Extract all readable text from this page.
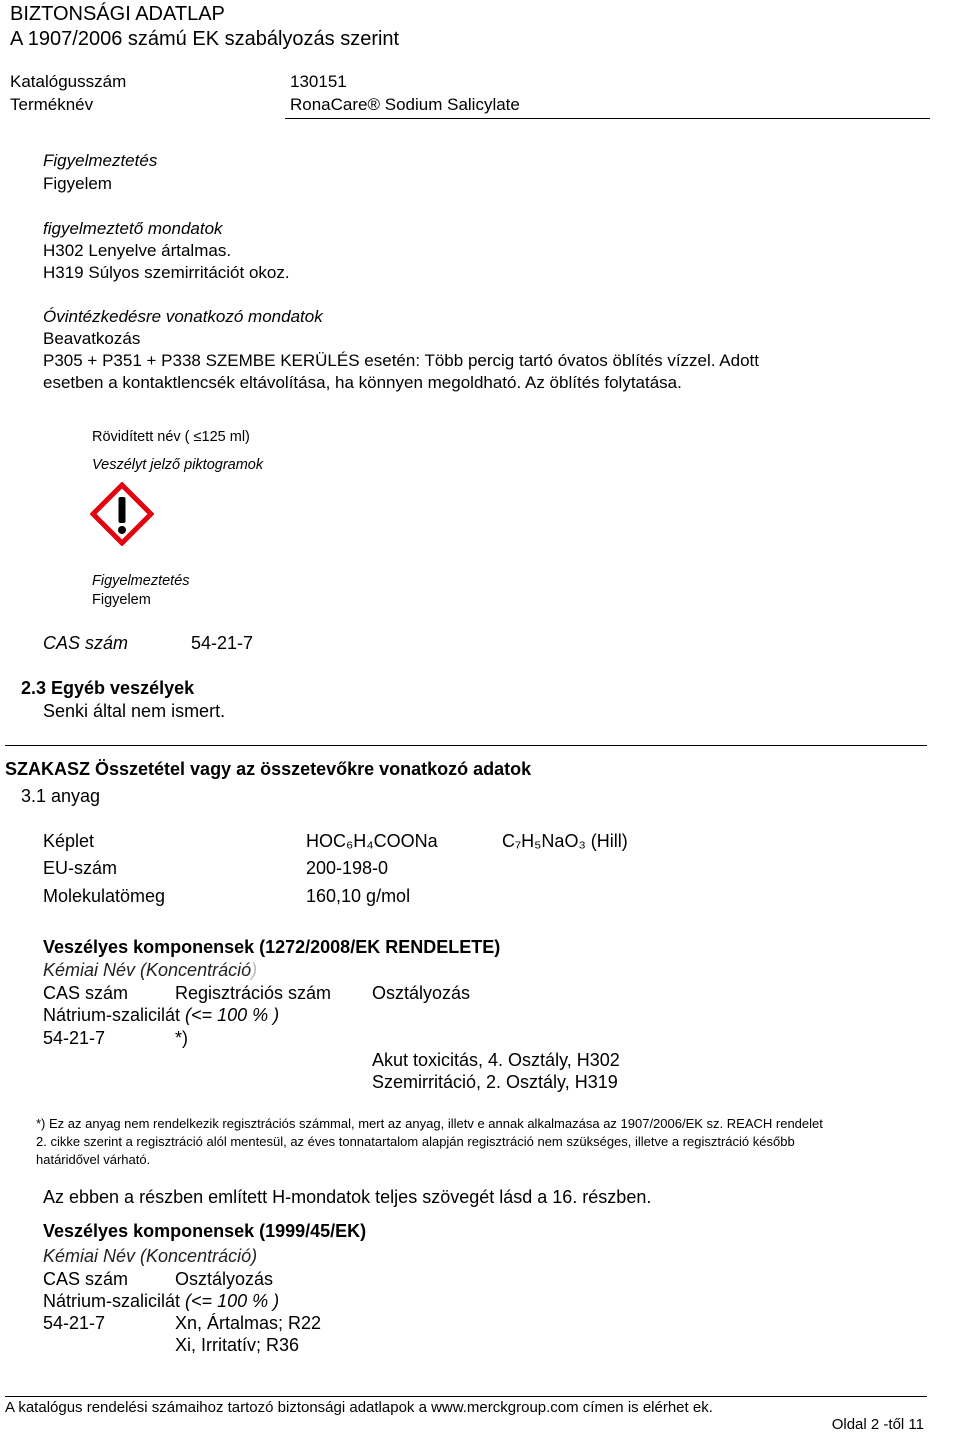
BIZTONSÁGI ADATLAP
A 1907/2006 számú EK szabályozás szerint
Katalógusszám	130151
Terméknév	RonaCare® Sodium Salicylate
Figyelmeztetés
Figyelem
figyelmeztető mondatok
H302 Lenyelve ártalmas.
H319 Súlyos szemirritációt okoz.
Óvintézkedésre vonatkozó mondatok
Beavatkozás
P305 + P351 + P338 SZEMBE KERÜLÉS esetén: Több percig tartó óvatos öblítés vízzel. Adott
esetben a kontaktlencsék eltávolítása, ha könnyen megoldható. Az öblítés folytatása.
Rövidített név ( ≤125 ml)
Veszélyt jelző piktogramok
Figyelmeztetés
Figyelem
CAS szám	54-21-7
2.3 Egyéb veszélyek
Senki által nem ismert.
SZAKASZ Összetétel vagy az összetevőkre vonatkozó adatok
3.1 anyag
Képlet	HOC₆H₄COONa	C₇H₅NaO₃ (Hill)
EU-szám	200-198-0
Molekulatömeg	160,10 g/mol
Veszélyes komponensek (1272/2008/EK RENDELETE)
Kémiai Név (Koncentráció)
CAS szám	Regisztrációs szám Osztályozás
Nátrium-szalicilát (<= 100 % )
54-21-7	*)
Akut toxicitás, 4. Osztály, H302
Szemirritáció, 2. Osztály, H319
*) Ez az anyag nem rendelkezik regisztrációs számmal, mert az anyag, illetv e annak alkalmazása az 1907/2006/EK sz. REACH rendelet
2. cikke szerint a regisztráció alól mentesül, az éves tonnatartalom alapján regisztráció nem szükséges, illetve a regisztráció később
határidővel várható.
Az ebben a részben említett H-mondatok teljes szövegét lásd a 16. részben.
Veszélyes komponensek (1999/45/EK)
Kémiai Név (Koncentráció)
CAS szám	Osztályozás
Nátrium-szalicilát (<= 100 % )
54-21-7	Xn, Ártalmas; R22
Xi, Irritatív; R36
A katalógus rendelési számaihoz tartozó biztonsági adatlapok a www.merckgroup.com címen is elérhet ek.
Oldal 2 -től 11
